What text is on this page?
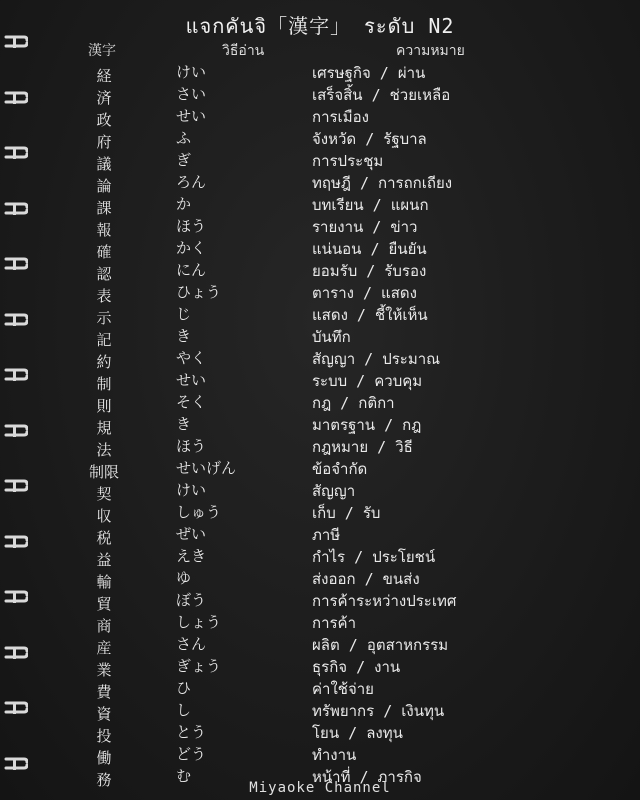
แจกคันจิ「漢字」 ระดับ N2
漢字	วิธีอ่าน	ความหมาย
経	けい	เศรษฐกิจ / ผ่าน
済	さい	เสร็จสิ้น / ช่วยเหลือ
政	せい	การเมือง
府	ふ	จังหวัด / รัฐบาล
議	ぎ	การประชุม
論	ろん	ทฤษฎี / การถกเถียง
課	か	บทเรียน / แผนก
報	ほう	รายงาน / ข่าว
確	かく	แน่นอน / ยืนยัน
認	にん	ยอมรับ / รับรอง
表	ひょう	ตาราง / แสดง
示	じ	แสดง / ชี้ให้เห็น
記	き	บันทึก
約	やく	สัญญา / ประมาณ
制	せい	ระบบ / ควบคุม
則	そく	กฎ / กติกา
規	き	มาตรฐาน / กฎ
法	ほう	กฎหมาย / วิธี
制限	せいげん	ข้อจำกัด
契	けい	สัญญา
収	しゅう	เก็บ / รับ
税	ぜい	ภาษี
益	えき	กำไร / ประโยชน์
輸	ゆ	ส่งออก / ขนส่ง
貿	ぼう	การค้าระหว่างประเทศ
商	しょう	การค้า
産	さん	ผลิต / อุตสาหกรรม
業	ぎょう	ธุรกิจ / งาน
費	ひ	ค่าใช้จ่าย
資	し	ทรัพยากร / เงินทุน
投	とう	โยน / ลงทุน
働	どう	ทำงาน
務	む	หน้าที่ / ภารกิจ
Miyaoke Channel
